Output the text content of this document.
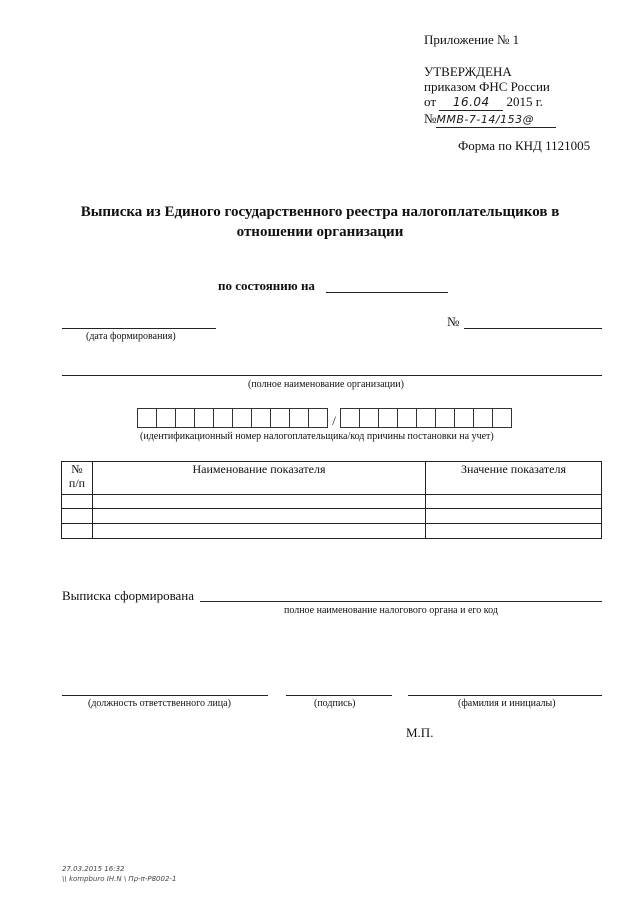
Приложение № 1
УТВЕРЖДЕНА
приказом ФНС России
от 16.04 2015 г.
№ММВ-7-14/153@
Форма по КНД 1121005
Выписка из Единого государственного реестра налогоплательщиков в
отношении организации
по состоянию на
(дата формирования)
№
(полное наименование организации)
/
(идентификационный номер налогоплательщика/код причины постановки на учет)
№
п/п	Наименование показателя	Значение показателя

Выписка сформирована
полное наименование налогового органа и его код
(должность ответственного лица)	(подпись)	(фамилия и инициалы)
М.П.
27.03.2015 16:32
\\ kompburo ΙΗ.Ν \ Πρ-π-Ρ8002-1
